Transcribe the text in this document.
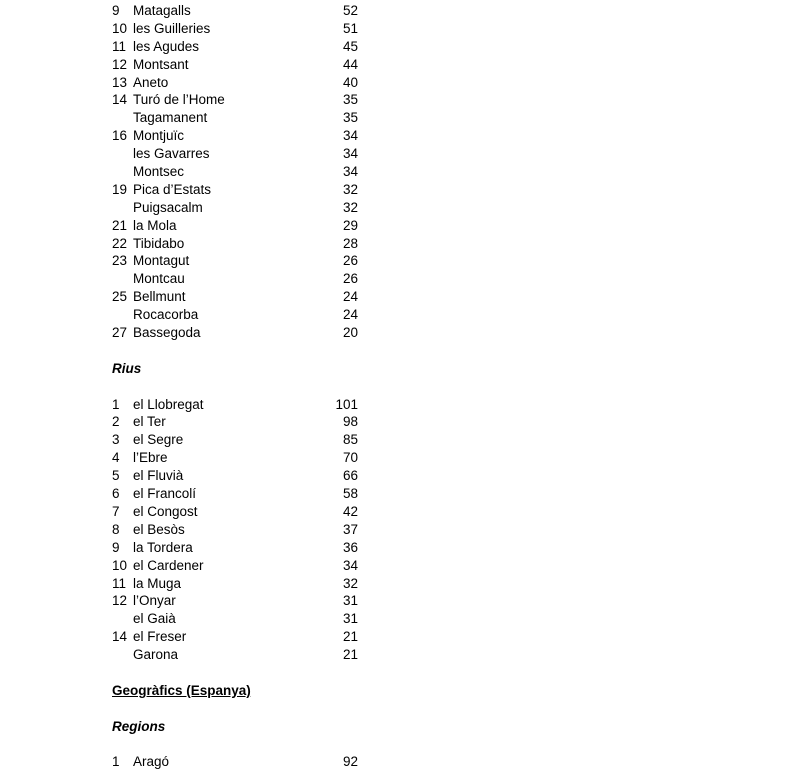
9 Matagalls	52
10 les Guilleries	51
11 les Agudes	45
12 Montsant	44
13 Aneto	40
14 Turó de l’Home	35
Tagamanent	35
16 Montjuïc	34
les Gavarres	34
Montsec	34
19 Pica d’Estats	32
Puigsacalm	32
21 la Mola	29
22 Tibidabo	28
23 Montagut	26
Montcau	26
25 Bellmunt	24
Rocacorba	24
27 Bassegoda	20
Rius
1 el Llobregat	101
2 el Ter	98
3 el Segre	85
4 l’Ebre	70
5 el Fluvià	66
6 el Francolí	58
7 el Congost	42
8 el Besòs	37
9 la Tordera	36
10 el Cardener	34
11 la Muga	32
12 l’Onyar	31
el Gaià	31
14 el Freser	21
Garona	21
Geogràfics (Espanya)
Regions
1 Aragó	92
